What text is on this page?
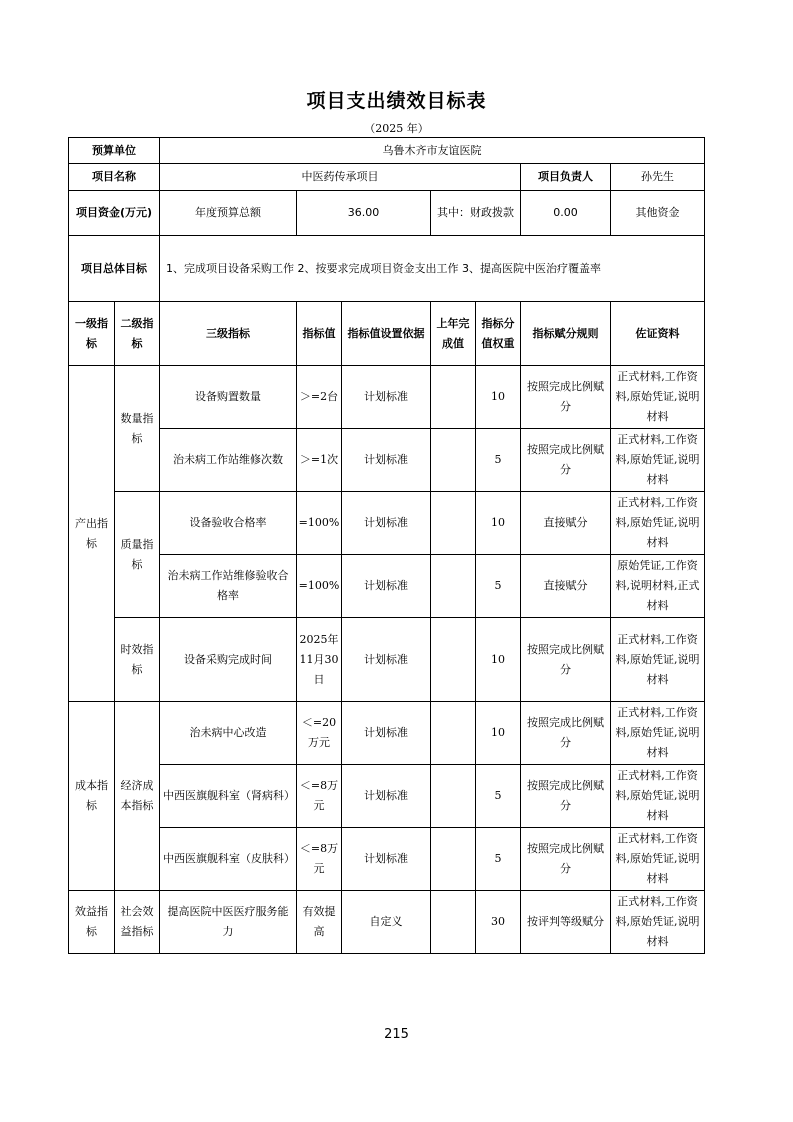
项目支出绩效目标表
（2025 年）
预算单位		乌鲁木齐市友谊医院							
项目名称		中医药传承项目					项目负责人	孙先生	
项目资金(万元)		年度预算总额	36.00		其中：财政拨款		0.00	其他资金	
项目总体目标		1、完成项目设备采购工作 2、按要求完成项目资金支出工作 3、提高医院中医治疗覆盖率							
一级指标	二级指标	三级指标	指标值	指标值设置依据	上年完成值	指标分值权重	指标赋分规则	佐证资料	
产出指标	数量指标	设备购置数量	＞=2台	计划标准		10	按照完成比例赋分	正式材料,工作资料,原始凭证,说明材料	
		治未病工作站维修次数	＞=1次	计划标准		5	按照完成比例赋分	正式材料,工作资料,原始凭证,说明材料	
	质量指标	设备验收合格率	=100%	计划标准		10	直接赋分	正式材料,工作资料,原始凭证,说明材料	
		治未病工作站维修验收合格率	=100%	计划标准		5	直接赋分	原始凭证,工作资料,说明材料,正式材料	
	时效指标	设备采购完成时间	2025年11月30日	计划标准		10	按照完成比例赋分	正式材料,工作资料,原始凭证,说明材料	
成本指标	经济成本指标	治未病中心改造	＜=20万元	计划标准		10	按照完成比例赋分	正式材料,工作资料,原始凭证,说明材料	
		中西医旗舰科室（肾病科）	＜=8万元	计划标准		5	按照完成比例赋分	正式材料,工作资料,原始凭证,说明材料	
		中西医旗舰科室（皮肤科）	＜=8万元	计划标准		5	按照完成比例赋分	正式材料,工作资料,原始凭证,说明材料	
效益指标	社会效益指标	提高医院中医医疗服务能力	有效提高	自定义		30	按评判等级赋分	正式材料,工作资料,原始凭证,说明材料	
215
